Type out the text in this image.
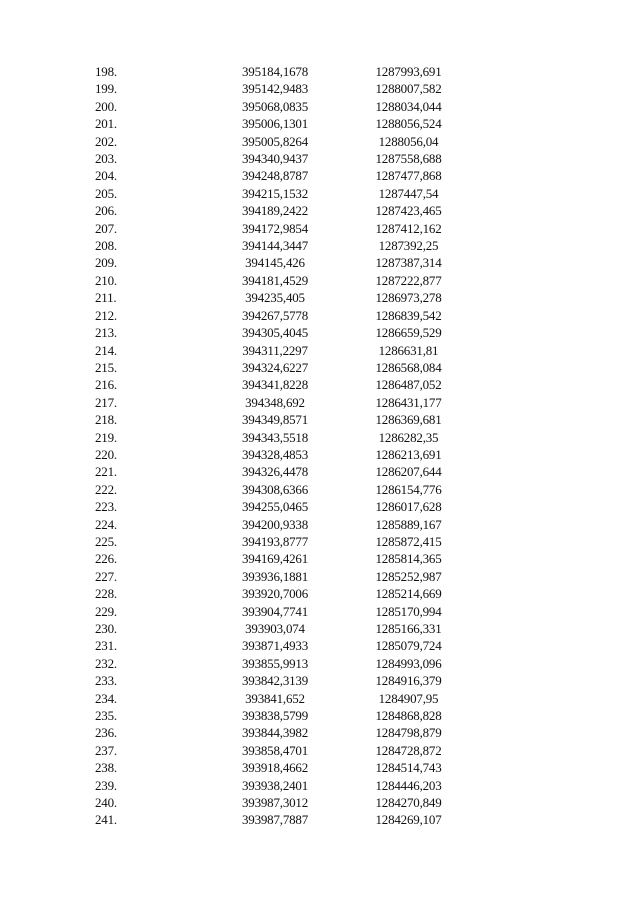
198.	395184,1678	1287993,691
199.	395142,9483	1288007,582
200.	395068,0835	1288034,044
201.	395006,1301	1288056,524
202.	395005,8264	1288056,04
203.	394340,9437	1287558,688
204.	394248,8787	1287477,868
205.	394215,1532	1287447,54
206.	394189,2422	1287423,465
207.	394172,9854	1287412,162
208.	394144,3447	1287392,25
209.	394145,426	1287387,314
210.	394181,4529	1287222,877
211.	394235,405	1286973,278
212.	394267,5778	1286839,542
213.	394305,4045	1286659,529
214.	394311,2297	1286631,81
215.	394324,6227	1286568,084
216.	394341,8228	1286487,052
217.	394348,692	1286431,177
218.	394349,8571	1286369,681
219.	394343,5518	1286282,35
220.	394328,4853	1286213,691
221.	394326,4478	1286207,644
222.	394308,6366	1286154,776
223.	394255,0465	1286017,628
224.	394200,9338	1285889,167
225.	394193,8777	1285872,415
226.	394169,4261	1285814,365
227.	393936,1881	1285252,987
228.	393920,7006	1285214,669
229.	393904,7741	1285170,994
230.	393903,074	1285166,331
231.	393871,4933	1285079,724
232.	393855,9913	1284993,096
233.	393842,3139	1284916,379
234.	393841,652	1284907,95
235.	393838,5799	1284868,828
236.	393844,3982	1284798,879
237.	393858,4701	1284728,872
238.	393918,4662	1284514,743
239.	393938,2401	1284446,203
240.	393987,3012	1284270,849
241.	393987,7887	1284269,107
